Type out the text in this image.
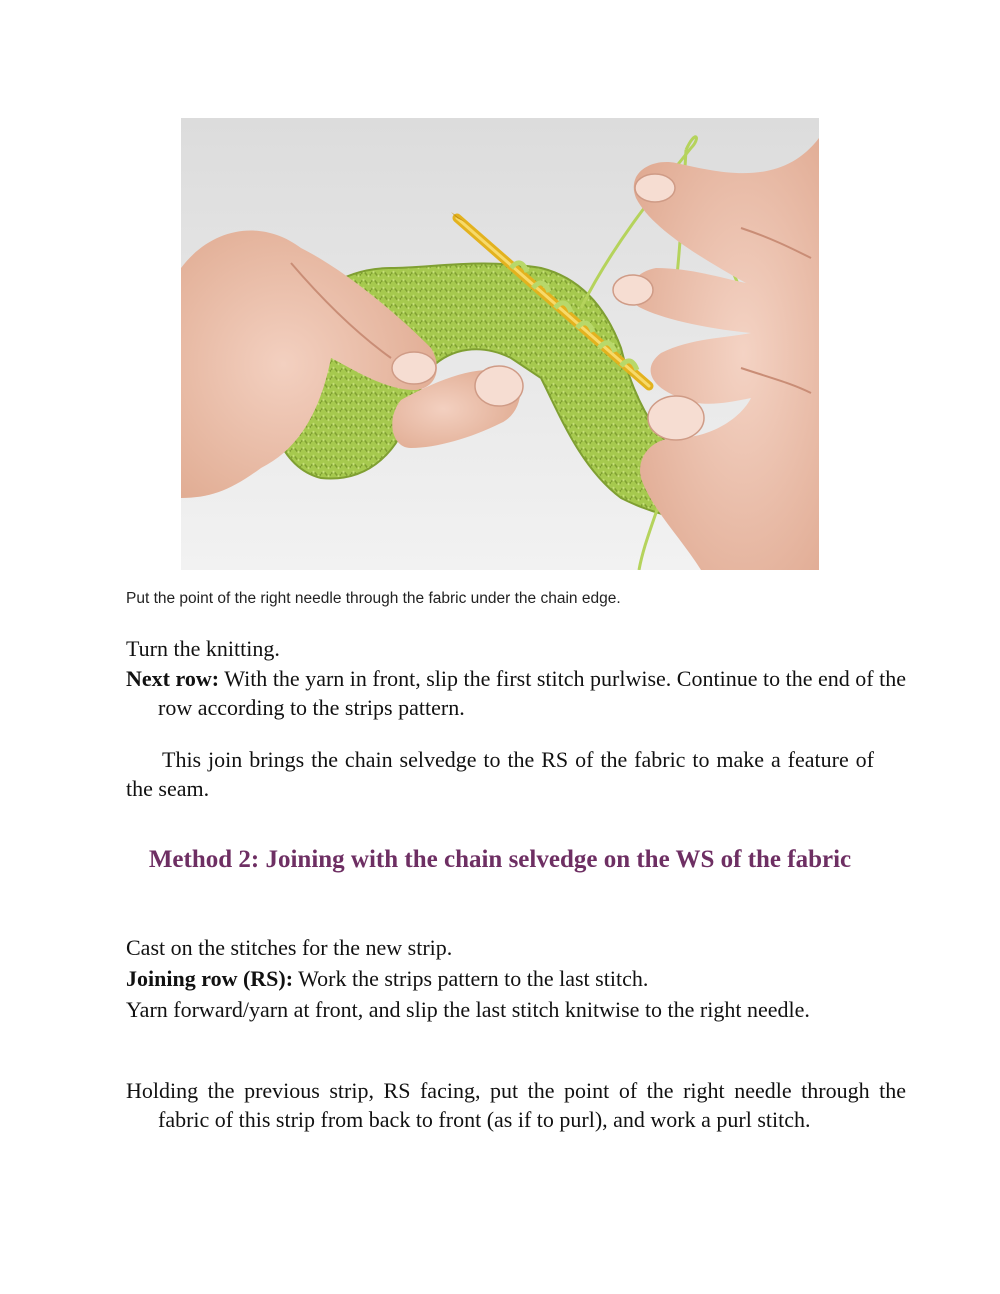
Put the point of the right needle through the fabric under the chain edge.

Turn the knitting.

Next row: With the yarn in front, slip the first stitch purlwise. Continue to the end of the row according to the strips pattern.

This join brings the chain selvedge to the RS of the fabric to make a feature of the seam.

Method 2: Joining with the chain selvedge on the WS of the fabric

Cast on the stitches for the new strip.

Joining row (RS): Work the strips pattern to the last stitch.

Yarn forward/yarn at front, and slip the last stitch knitwise to the right needle.

Holding the previous strip, RS facing, put the point of the right needle through the fabric of this strip from back to front (as if to purl), and work a purl stitch.
